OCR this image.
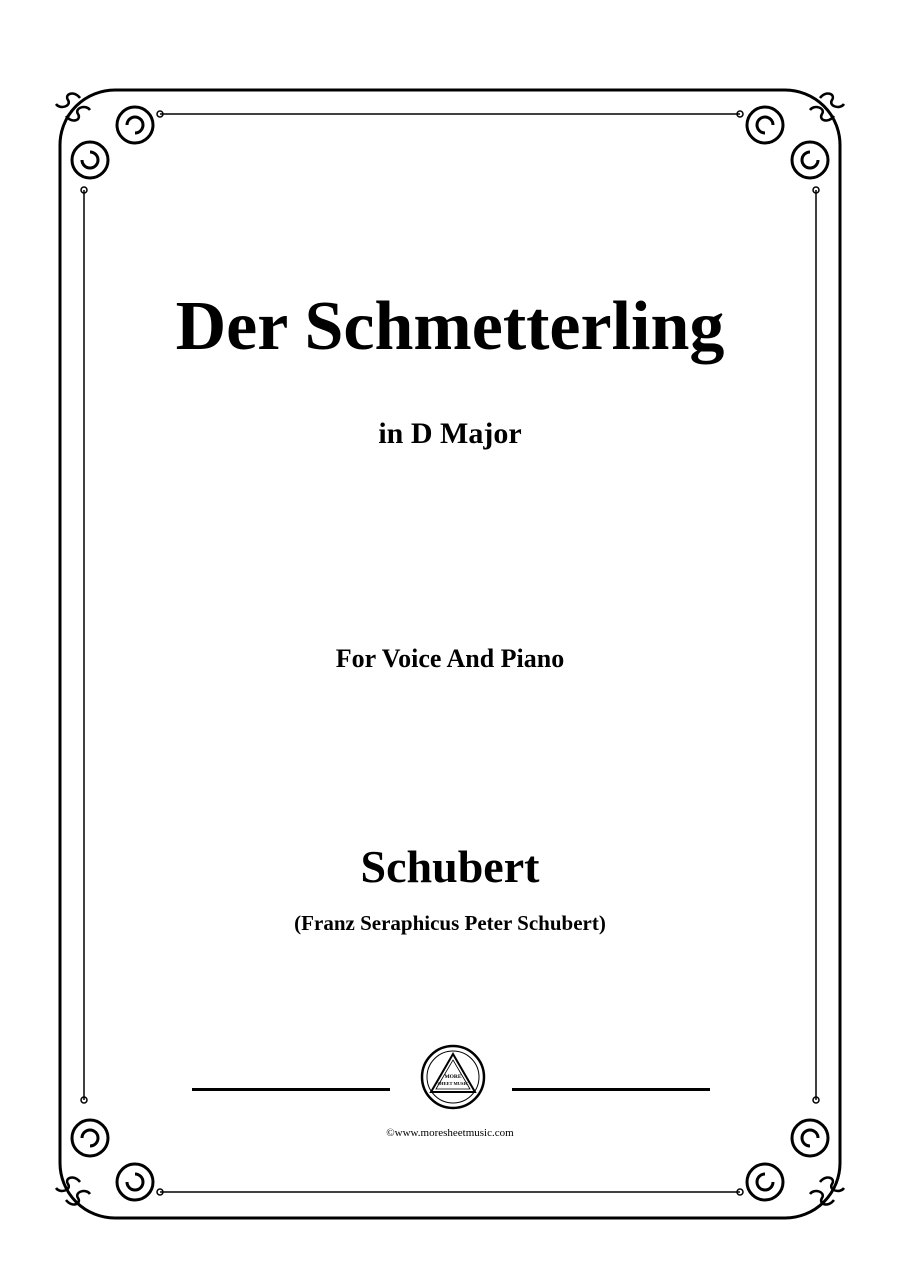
Der Schmetterling
in D Major
For Voice And Piano
Schubert
(Franz Seraphicus Peter Schubert)
MORE
SHEET MUSIC
©www.moresheetmusic.com
